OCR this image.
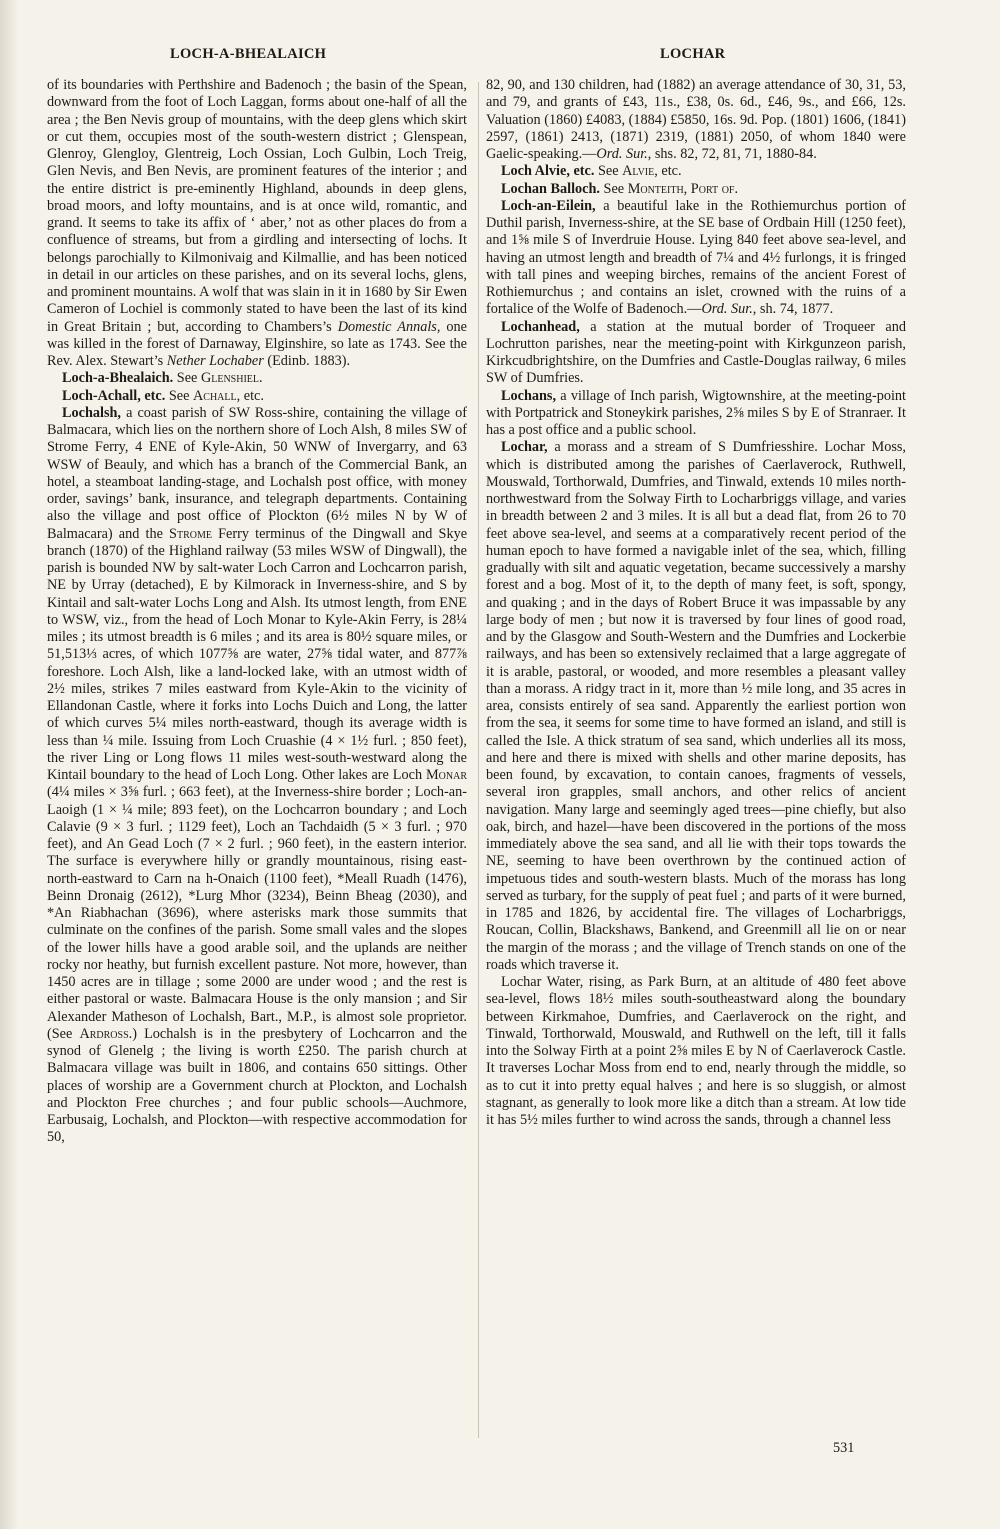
LOCH-A-BHEALAICH	LOCHAR

of its boundaries with Perthshire and Badenoch ; the basin of the Spean, downward from the foot of Loch Laggan, forms about one-half of all the area ; the Ben Nevis group of mountains, with the deep glens which skirt or cut them, occupies most of the south-western district ; Glenspean, Glenroy, Glengloy, Glentreig, Loch Ossian, Loch Gulbin, Loch Treig, Glen Nevis, and Ben Nevis, are prominent features of the interior ; and the entire district is pre-eminently Highland, abounds in deep glens, broad moors, and lofty mountains, and is at once wild, romantic, and grand. It seems to take its affix of ‘ aber,’ not as other places do from a confluence of streams, but from a girdling and intersecting of lochs. It belongs parochially to Kilmonivaig and Kilmallie, and has been noticed in detail in our articles on these parishes, and on its several lochs, glens, and prominent mountains. A wolf that was slain in it in 1680 by Sir Ewen Cameron of Lochiel is commonly stated to have been the last of its kind in Great Britain ; but, according to Chambers’s Domestic Annals, one was killed in the forest of Darnaway, Elginshire, so late as 1743. See the Rev. Alex. Stewart’s Nether Lochaber (Edinb. 1883).

Loch-a-Bhealaich. See Glenshiel.

Loch-Achall, etc. See Achall, etc.

Lochalsh, a coast parish of SW Ross-shire, containing the village of Balmacara, which lies on the northern shore of Loch Alsh, 8 miles SW of Strome Ferry, 4 ENE of Kyle-Akin, 50 WNW of Invergarry, and 63 WSW of Beauly, and which has a branch of the Commercial Bank, an hotel, a steamboat landing-stage, and Lochalsh post office, with money order, savings’ bank, insurance, and telegraph departments. Containing also the village and post office of Plockton (6½ miles N by W of Balmacara) and the Strome Ferry terminus of the Dingwall and Skye branch (1870) of the Highland railway (53 miles WSW of Dingwall), the parish is bounded NW by salt-water Loch Carron and Lochcarron parish, NE by Urray (detached), E by Kilmorack in Inverness-shire, and S by Kintail and salt-water Lochs Long and Alsh. Its utmost length, from ENE to WSW, viz., from the head of Loch Monar to Kyle-Akin Ferry, is 28¼ miles ; its utmost breadth is 6 miles ; and its area is 80½ square miles, or 51,513⅓ acres, of which 1077⅝ are water, 27⅝ tidal water, and 877⅞ foreshore. Loch Alsh, like a land-locked lake, with an utmost width of 2½ miles, strikes 7 miles eastward from Kyle-Akin to the vicinity of Ellandonan Castle, where it forks into Lochs Duich and Long, the latter of which curves 5¼ miles north-eastward, though its average width is less than ¼ mile. Issuing from Loch Cruashie (4 × 1½ furl. ; 850 feet), the river Ling or Long flows 11 miles west-south-westward along the Kintail boundary to the head of Loch Long. Other lakes are Loch Monar (4¼ miles × 3⅝ furl. ; 663 feet), at the Inverness-shire border ; Loch-an-Laoigh (1 × ¼ mile; 893 feet), on the Lochcarron boundary ; and Loch Calavie (9 × 3 furl. ; 1129 feet), Loch an Tachdaidh (5 × 3 furl. ; 970 feet), and An Gead Loch (7 × 2 furl. ; 960 feet), in the eastern interior. The surface is everywhere hilly or grandly mountainous, rising east-north-eastward to Carn na h-Onaich (1100 feet), *Meall Ruadh (1476), Beinn Dronaig (2612), *Lurg Mhor (3234), Beinn Bheag (2030), and *An Riabhachan (3696), where asterisks mark those summits that culminate on the confines of the parish. Some small vales and the slopes of the lower hills have a good arable soil, and the uplands are neither rocky nor heathy, but furnish excellent pasture. Not more, however, than 1450 acres are in tillage ; some 2000 are under wood ; and the rest is either pastoral or waste. Balmacara House is the only mansion ; and Sir Alexander Matheson of Lochalsh, Bart., M.P., is almost sole proprietor. (See Ardross.) Lochalsh is in the presbytery of Lochcarron and the synod of Glenelg ; the living is worth £250. The parish church at Balmacara village was built in 1806, and contains 650 sittings. Other places of worship are a Government church at Plockton, and Lochalsh and Plockton Free churches ; and four public schools—Auchmore, Earbusaig, Lochalsh, and Plockton—with respective accommodation for 50,

82, 90, and 130 children, had (1882) an average attendance of 30, 31, 53, and 79, and grants of £43, 11s., £38, 0s. 6d., £46, 9s., and £66, 12s. Valuation (1860) £4083, (1884) £5850, 16s. 9d. Pop. (1801) 1606, (1841) 2597, (1861) 2413, (1871) 2319, (1881) 2050, of whom 1840 were Gaelic-speaking.—Ord. Sur., shs. 82, 72, 81, 71, 1880-84.

Loch Alvie, etc. See Alvie, etc.

Lochan Balloch. See Monteith, Port of.

Loch-an-Eilein, a beautiful lake in the Rothiemurchus portion of Duthil parish, Inverness-shire, at the SE base of Ordbain Hill (1250 feet), and 1⅝ mile S of Inverdruie House. Lying 840 feet above sea-level, and having an utmost length and breadth of 7¼ and 4½ furlongs, it is fringed with tall pines and weeping birches, remains of the ancient Forest of Rothiemurchus ; and contains an islet, crowned with the ruins of a fortalice of the Wolfe of Badenoch.—Ord. Sur., sh. 74, 1877.

Lochanhead, a station at the mutual border of Troqueer and Lochrutton parishes, near the meeting-point with Kirkgunzeon parish, Kirkcudbrightshire, on the Dumfries and Castle-Douglas railway, 6 miles SW of Dumfries.

Lochans, a village of Inch parish, Wigtownshire, at the meeting-point with Portpatrick and Stoneykirk parishes, 2⅝ miles S by E of Stranraer. It has a post office and a public school.

Lochar, a morass and a stream of S Dumfriesshire. Lochar Moss, which is distributed among the parishes of Caerlaverock, Ruthwell, Mouswald, Torthorwald, Dumfries, and Tinwald, extends 10 miles north-northwestward from the Solway Firth to Locharbriggs village, and varies in breadth between 2 and 3 miles. It is all but a dead flat, from 26 to 70 feet above sea-level, and seems at a comparatively recent period of the human epoch to have formed a navigable inlet of the sea, which, filling gradually with silt and aquatic vegetation, became successively a marshy forest and a bog. Most of it, to the depth of many feet, is soft, spongy, and quaking ; and in the days of Robert Bruce it was impassable by any large body of men ; but now it is traversed by four lines of good road, and by the Glasgow and South-Western and the Dumfries and Lockerbie railways, and has been so extensively reclaimed that a large aggregate of it is arable, pastoral, or wooded, and more resembles a pleasant valley than a morass. A ridgy tract in it, more than ½ mile long, and 35 acres in area, consists entirely of sea sand. Apparently the earliest portion won from the sea, it seems for some time to have formed an island, and still is called the Isle. A thick stratum of sea sand, which underlies all its moss, and here and there is mixed with shells and other marine deposits, has been found, by excavation, to contain canoes, fragments of vessels, several iron grapples, small anchors, and other relics of ancient navigation. Many large and seemingly aged trees—pine chiefly, but also oak, birch, and hazel—have been discovered in the portions of the moss immediately above the sea sand, and all lie with their tops towards the NE, seeming to have been overthrown by the continued action of impetuous tides and south-western blasts. Much of the morass has long served as turbary, for the supply of peat fuel ; and parts of it were burned, in 1785 and 1826, by accidental fire. The villages of Locharbriggs, Roucan, Collin, Blackshaws, Bankend, and Greenmill all lie on or near the margin of the morass ; and the village of Trench stands on one of the roads which traverse it.

Lochar Water, rising, as Park Burn, at an altitude of 480 feet above sea-level, flows 18½ miles south-southeastward along the boundary between Kirkmahoe, Dumfries, and Caerlaverock on the right, and Tinwald, Torthorwald, Mouswald, and Ruthwell on the left, till it falls into the Solway Firth at a point 2⅝ miles E by N of Caerlaverock Castle. It traverses Lochar Moss from end to end, nearly through the middle, so as to cut it into pretty equal halves ; and here is so sluggish, or almost stagnant, as generally to look more like a ditch than a stream. At low tide it has 5½ miles further to wind across the sands, through a channel less

531
